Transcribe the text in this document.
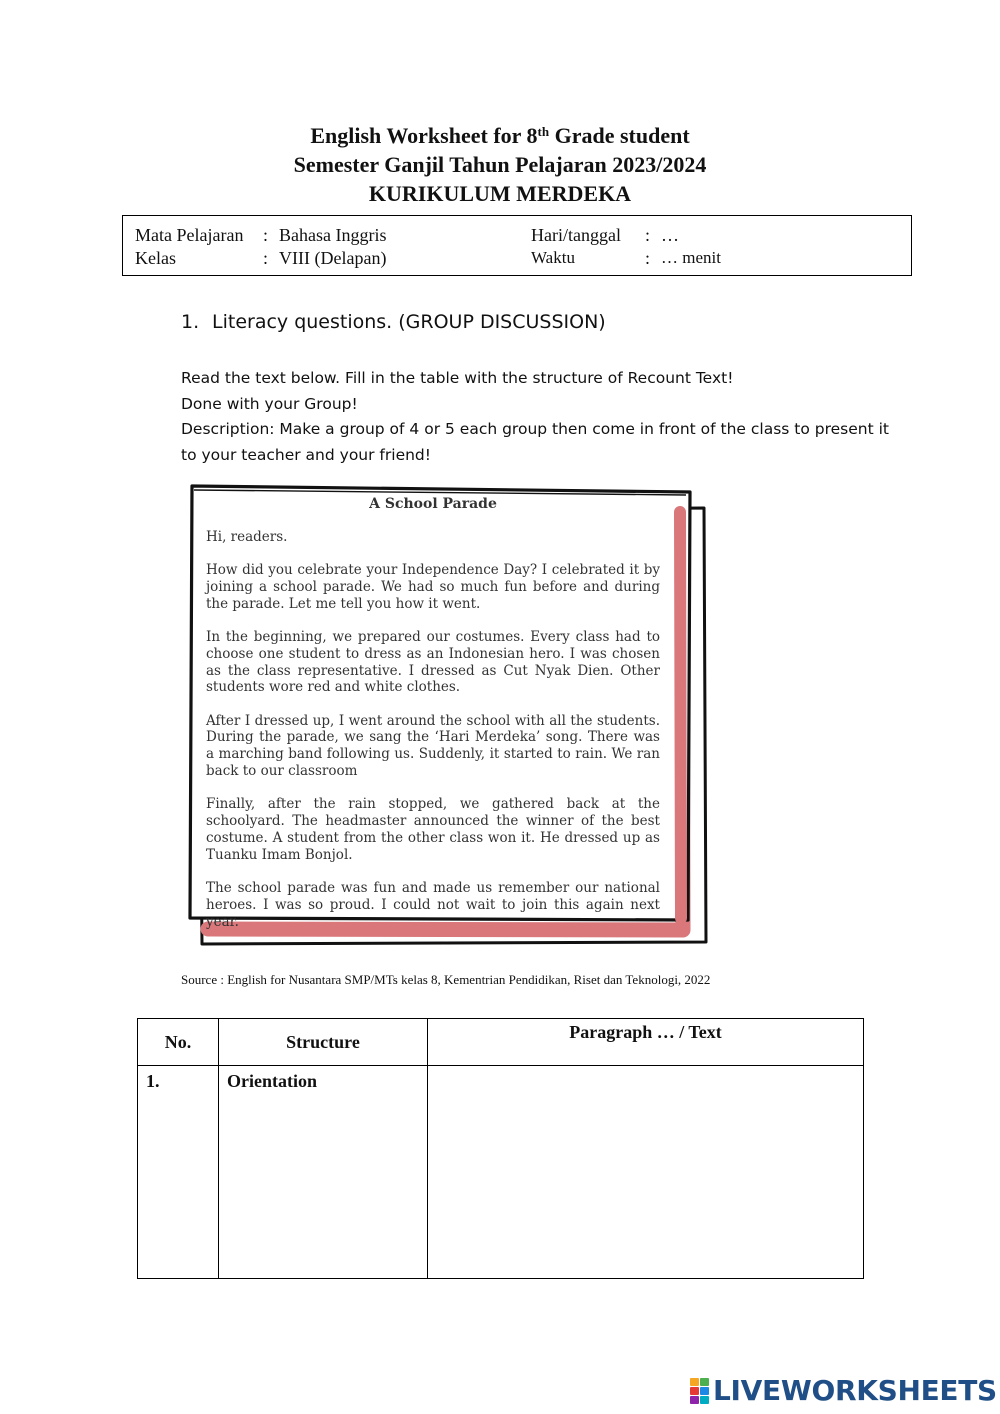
English Worksheet for 8th Grade student
Semester Ganjil Tahun Pelajaran 2023/2024
KURIKULUM MERDEKA
Mata Pelajaran : Bahasa Inggris	Hari/tanggal : …
Kelas	: VIII (Delapan)	Waktu	: … menit
1. Literacy questions. (GROUP DISCUSSION)

Read the text below. Fill in the table with the structure of Recount Text!

Done with your Group!

Description: Make a group of 4 or 5 each group then come in front of the class to present it to your teacher and your friend!

A School Parade

Hi, readers.

How did you celebrate your Independence Day? I celebrated it by joining a school parade. We had so much fun before and during the parade. Let me tell you how it went.

In the beginning, we prepared our costumes. Every class had to choose one student to dress as an Indonesian hero. I was chosen as the class representative. I dressed as Cut Nyak Dien. Other students wore red and white clothes.

After I dressed up, I went around the school with all the students. During the parade, we sang the ‘Hari Merdeka’ song. There was a marching band following us. Suddenly, it started to rain. We ran back to our classroom

Finally, after the rain stopped, we gathered back at the schoolyard. The headmaster announced the winner of the best costume. A student from the other class won it. He dressed up as Tuanku Imam Bonjol.

The school parade was fun and made us remember our national heroes. I was so proud. I could not wait to join this again next year.

Source : English for Nusantara SMP/MTs kelas 8, Kementrian Pendidikan, Riset dan Teknologi, 2022
No.	Structure	Paragraph … / Text
1.	Orientation	
LIVEWORKSHEETS
